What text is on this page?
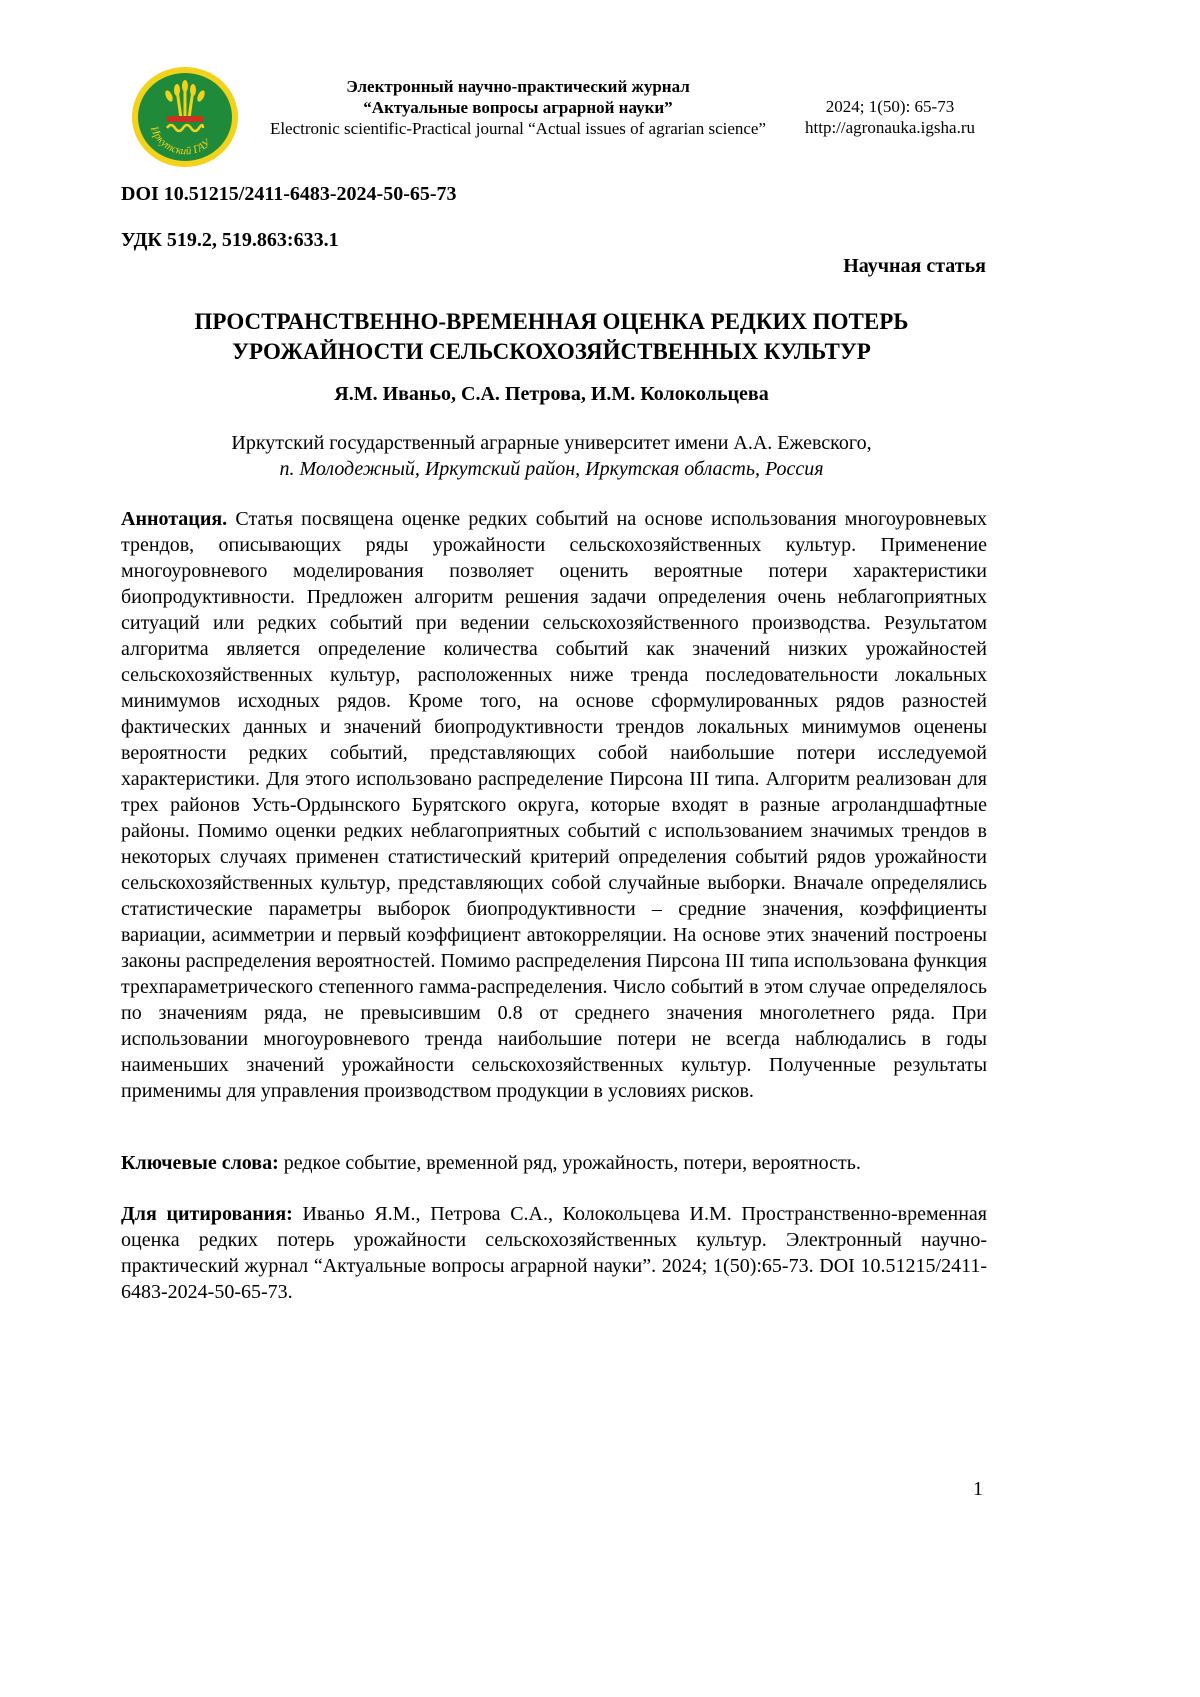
Иркутский ГАУ
Электронный научно-практический журнал
“Актуальные вопросы аграрной науки”
Electronic scientific-Practical journal “Actual issues of agrarian science”
2024; 1(50): 65-73
http://agronauka.igsha.ru
DOI 10.51215/2411-6483-2024-50-65-73
УДК 519.2, 519.863:633.1
Научная статья
ПРОСТРАНСТВЕННО-ВРЕМЕННАЯ ОЦЕНКА РЕДКИХ ПОТЕРЬ УРОЖАЙНОСТИ СЕЛЬСКОХОЗЯЙСТВЕННЫХ КУЛЬТУР
Я.М. Иваньо, С.А. Петрова, И.М. Колокольцева
Иркутский государственный аграрные университет имени А.А. Ежевского,
п. Молодежный, Иркутский район, Иркутская область, Россия
Аннотация. Статья посвящена оценке редких событий на основе использования многоуровневых трендов, описывающих ряды урожайности сельскохозяйственных культур. Применение многоуровневого моделирования позволяет оценить вероятные потери характеристики биопродуктивности. Предложен алгоритм решения задачи определения очень неблагоприятных ситуаций или редких событий при ведении сельскохозяйственного производства. Результатом алгоритма является определение количества событий как значений низких урожайностей сельскохозяйственных культур, расположенных ниже тренда последовательности локальных минимумов исходных рядов. Кроме того, на основе сформулированных рядов разностей фактических данных и значений биопродуктивности трендов локальных минимумов оценены вероятности редких событий, представляющих собой наибольшие потери исследуемой характеристики. Для этого использовано распределение Пирсона III типа. Алгоритм реализован для трех районов Усть-Ордынского Бурятского округа, которые входят в разные агроландшафтные районы. Помимо оценки редких неблагоприятных событий с использованием значимых трендов в некоторых случаях применен статистический критерий определения событий рядов урожайности сельскохозяйственных культур, представляющих собой случайные выборки. Вначале определялись статистические параметры выборок биопродуктивности – средние значения, коэффициенты вариации, асимметрии и первый коэффициент автокорреляции. На основе этих значений построены законы распределения вероятностей. Помимо распределения Пирсона III типа использована функция трехпараметрического степенного гамма-распределения. Число событий в этом случае определялось по значениям ряда, не превысившим 0.8 от среднего значения многолетнего ряда. При использовании многоуровневого тренда наибольшие потери не всегда наблюдались в годы наименьших значений урожайности сельскохозяйственных культур. Полученные результаты применимы для управления производством продукции в условиях рисков.
Ключевые слова: редкое событие, временной ряд, урожайность, потери, вероятность.
Для цитирования: Иваньо Я.М., Петрова С.А., Колокольцева И.М. Пространственно-временная оценка редких потерь урожайности сельскохозяйственных культур. Электронный научно-практический журнал “Актуальные вопросы аграрной науки”. 2024; 1(50):65-73. DOI 10.51215/2411-6483-2024-50-65-73.
1
